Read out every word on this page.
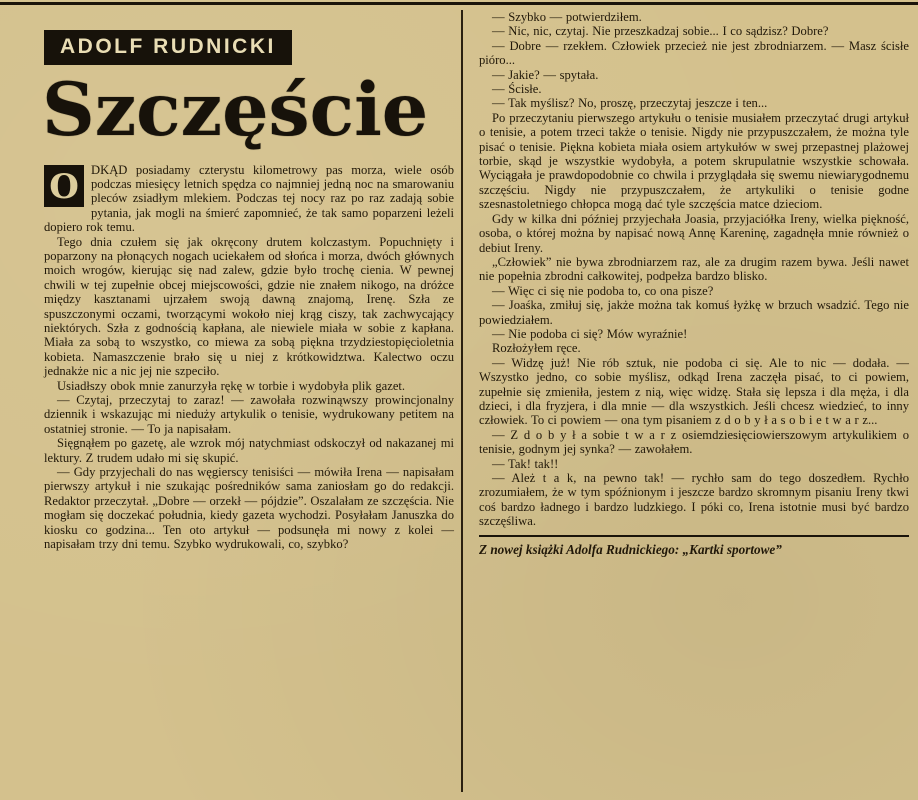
ADOLF RUDNICKI
Szczęście

O DKĄD posiadamy czterystu kilometrowy pas morza, wiele osób podczas miesięcy letnich spędza co najmniej jedną noc na smarowaniu pleców zsiadłym mlekiem. Podczas tej nocy raz po raz zadają sobie pytania, jak mogli na śmierć zapomnieć, że tak samo poparzeni leżeli dopiero rok temu.

Tego dnia czułem się jak okręcony drutem kolczastym. Popuchnięty i poparzony na płonących nogach uciekałem od słońca i morza, dwóch głównych moich wrogów, kierując się nad zalew, gdzie było trochę cienia. W pewnej chwili w tej zupełnie obcej miejscowości, gdzie nie znałem nikogo, na dróżce między kasztanami ujrzałem swoją dawną znajomą, Irenę. Szła ze spuszczonymi oczami, tworzącymi wokoło niej krąg ciszy, tak zachwycający niektórych. Szła z godnością kapłana, ale niewiele miała w sobie z kapłana. Miała za sobą to wszystko, co miewa za sobą piękna trzydziestopięcioletnia kobieta. Namaszczenie brało się u niej z krótkowidztwa. Kalectwo oczu jednakże nic a nic jej nie szpeciło.

Usiadłszy obok mnie zanurzyła rękę w torbie i wydobyła plik gazet.

— Czytaj, przeczytaj to zaraz! — zawołała rozwinąwszy prowincjonalny dziennik i wskazując mi nieduży artykulik o tenisie, wydrukowany petitem na ostatniej stronie. — To ja napisałam.

Sięgnąłem po gazetę, ale wzrok mój natychmiast odskoczył od nakazanej mi lektury. Z trudem udało mi się skupić.

— Gdy przyjechali do nas węgierscy tenisiści — mówiła Irena — napisałam pierwszy artykuł i nie szukając pośredników sama zaniosłam go do redakcji. Redaktor przeczytał. „Dobre — orzekł — pójdzie”. Oszalałam ze szczęścia. Nie mogłam się doczekać południa, kiedy gazeta wychodzi. Posyłałam Januszka do kiosku co godzina... Ten oto artykuł — podsunęła mi nowy z kolei — napisałam trzy dni temu. Szybko wydrukowali, co, szybko?

— Szybko — potwierdziłem.

— Nic, nic, czytaj. Nie przeszkadzaj sobie... I co sądzisz? Dobre?

— Dobre — rzekłem. Człowiek przecież nie jest zbrodniarzem. — Masz ścisłe pióro...

— Jakie? — spytała.

— Ścisłe.

— Tak myślisz? No, proszę, przeczytaj jeszcze i ten...

Po przeczytaniu pierwszego artykułu o tenisie musiałem przeczytać drugi artykuł o tenisie, a potem trzeci także o tenisie. Nigdy nie przypuszczałem, że można tyle pisać o tenisie. Piękna kobieta miała osiem artykułów w swej przepastnej plażowej torbie, skąd je wszystkie wydobyła, a potem skrupulatnie wszystkie schowała. Wyciągała je prawdopodobnie co chwila i przyglądała się swemu niewiarygodnemu szczęściu. Nigdy nie przypuszczałem, że artykuliki o tenisie godne szesnastoletniego chłopca mogą dać tyle szczęścia matce dzieciom.

Gdy w kilka dni później przyjechała Joasia, przyjaciółka Ireny, wielka piękność, osoba, o której można by napisać nową Annę Kareninę, zagadnęła mnie również o debiut Ireny.

„Człowiek” nie bywa zbrodniarzem raz, ale za drugim razem bywa. Jeśli nawet nie popełnia zbrodni całkowitej, podpełza bardzo blisko.

— Więc ci się nie podoba to, co ona pisze?

— Joaśka, zmiłuj się, jakże można tak komuś łyżkę w brzuch wsadzić. Tego nie powiedziałem.

— Nie podoba ci się? Mów wyraźnie!

Rozłożyłem ręce.

— Widzę już! Nie rób sztuk, nie podoba ci się. Ale to nic — dodała. — Wszystko jedno, co sobie myślisz, odkąd Irena zaczęła pisać, to ci powiem, zupełnie się zmieniła, jestem z nią, więc widzę. Stała się lepsza i dla męża, i dla dzieci, i dla fryzjera, i dla mnie — dla wszystkich. Jeśli chcesz wiedzieć, to inny człowiek. To ci powiem — ona tym pisaniem z d o b y ł a s o b i e t w a r z...

— Z d o b y ł a sobie t w a r z osiemdziesięciowierszowym artykulikiem o tenisie, godnym jej synka? — zawołałem.

— Tak! tak!!

— Ależ t a k, na pewno tak! — rychło sam do tego doszedłem. Rychło zrozumiałem, że w tym spóźnionym i jeszcze bardzo skromnym pisaniu Ireny tkwi coś bardzo ładnego i bardzo ludzkiego. I póki co, Irena istotnie musi być bardzo szczęśliwa.

Z nowej książki Adolfa Rudnickiego: „Kartki sportowe”
